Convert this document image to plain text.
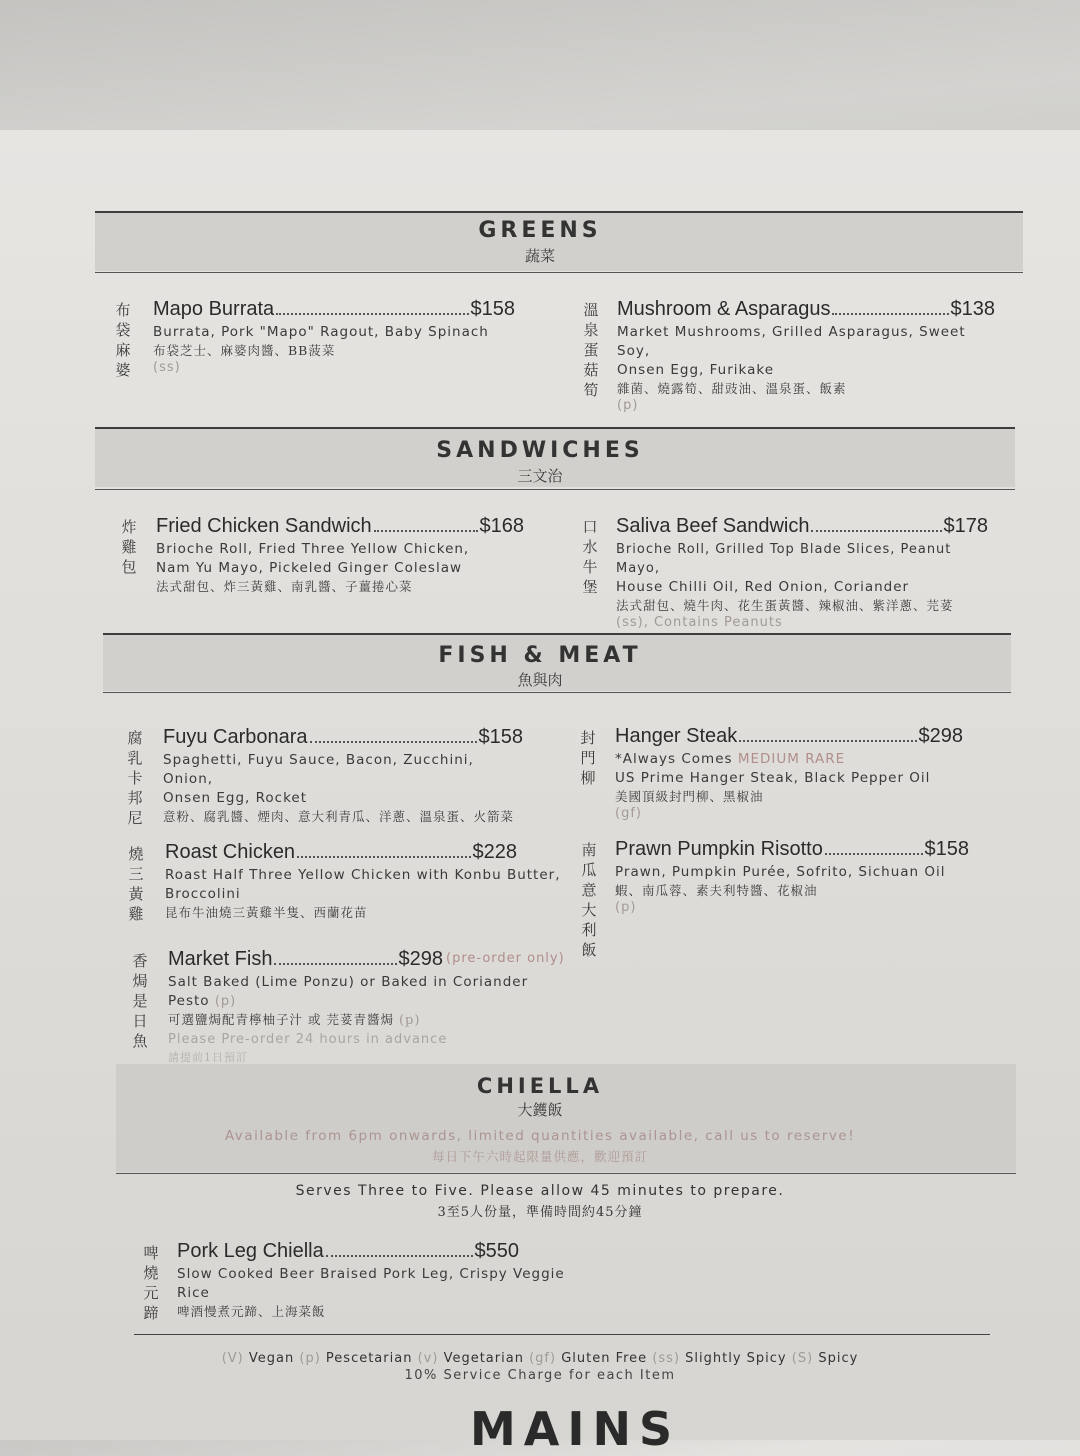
GREENS
蔬菜
布袋麻婆
Mapo Burrata	$158
Burrata, Pork "Mapo" Ragout, Baby Spinach
布袋芝士、麻婆肉醬、BB菠菜
(ss)
溫泉蛋菇筍
Mushroom & Asparagus	$138
Market Mushrooms, Grilled Asparagus, Sweet Soy,
Onsen Egg, Furikake
雜菌、燒露筍、甜豉油、溫泉蛋、飯素
(p)
SANDWICHES
三文治
炸雞包
Fried Chicken Sandwich	$168
Brioche Roll, Fried Three Yellow Chicken,
Nam Yu Mayo, Pickeled Ginger Coleslaw
法式甜包、炸三黃雞、南乳醬、子薑捲心菜
口水牛堡
Saliva Beef Sandwich	$178
Brioche Roll, Grilled Top Blade Slices, Peanut Mayo,
House Chilli Oil, Red Onion, Coriander
法式甜包、燒牛肉、花生蛋黃醬、辣椒油、紫洋蔥、芫荽
(ss), Contains Peanuts
FISH & MEAT
魚與肉
腐乳卡邦尼
Fuyu Carbonara	$158
Spaghetti, Fuyu Sauce, Bacon, Zucchini, Onion,
Onsen Egg, Rocket
意粉、腐乳醬、煙肉、意大利青瓜、洋蔥、溫泉蛋、火箭菜
封門柳
Hanger Steak	$298
*Always Comes MEDIUM RARE
US Prime Hanger Steak, Black Pepper Oil
美國頂級封門柳、黑椒油
(gf)
燒三黃雞
Roast Chicken	$228
Roast Half Three Yellow Chicken with Konbu Butter,
Broccolini
昆布牛油燒三黃雞半隻、西蘭花苗
南瓜意大利飯
Prawn Pumpkin Risotto	$158
Prawn, Pumpkin Purée, Sofrito, Sichuan Oil
蝦、南瓜蓉、素夫利特醬、花椒油
(p)
香焗是日魚
Market Fish	$298 (pre-order only)
Salt Baked (Lime Ponzu) or Baked in Coriander
Pesto (p)
可選鹽焗配青檸柚子汁 或 芫荽青醬焗 (p)
Please Pre-order 24 hours in advance
請提前1日預訂
CHIELLA
大鑊飯
Available from 6pm onwards, limited quantities available, call us to reserve!
每日下午六時起限量供應，歡迎預訂
Serves Three to Five. Please allow 45 minutes to prepare.
3至5人份量，準備時間約45分鐘
啤燒元蹄
Pork Leg Chiella	$550
Slow Cooked Beer Braised Pork Leg, Crispy Veggie
Rice
啤酒慢煮元蹄、上海菜飯
(V) Vegan (p) Pescetarian (v) Vegetarian (gf) Gluten Free (ss) Slightly Spicy (S) Spicy
10% Service Charge for each Item
MAINS
